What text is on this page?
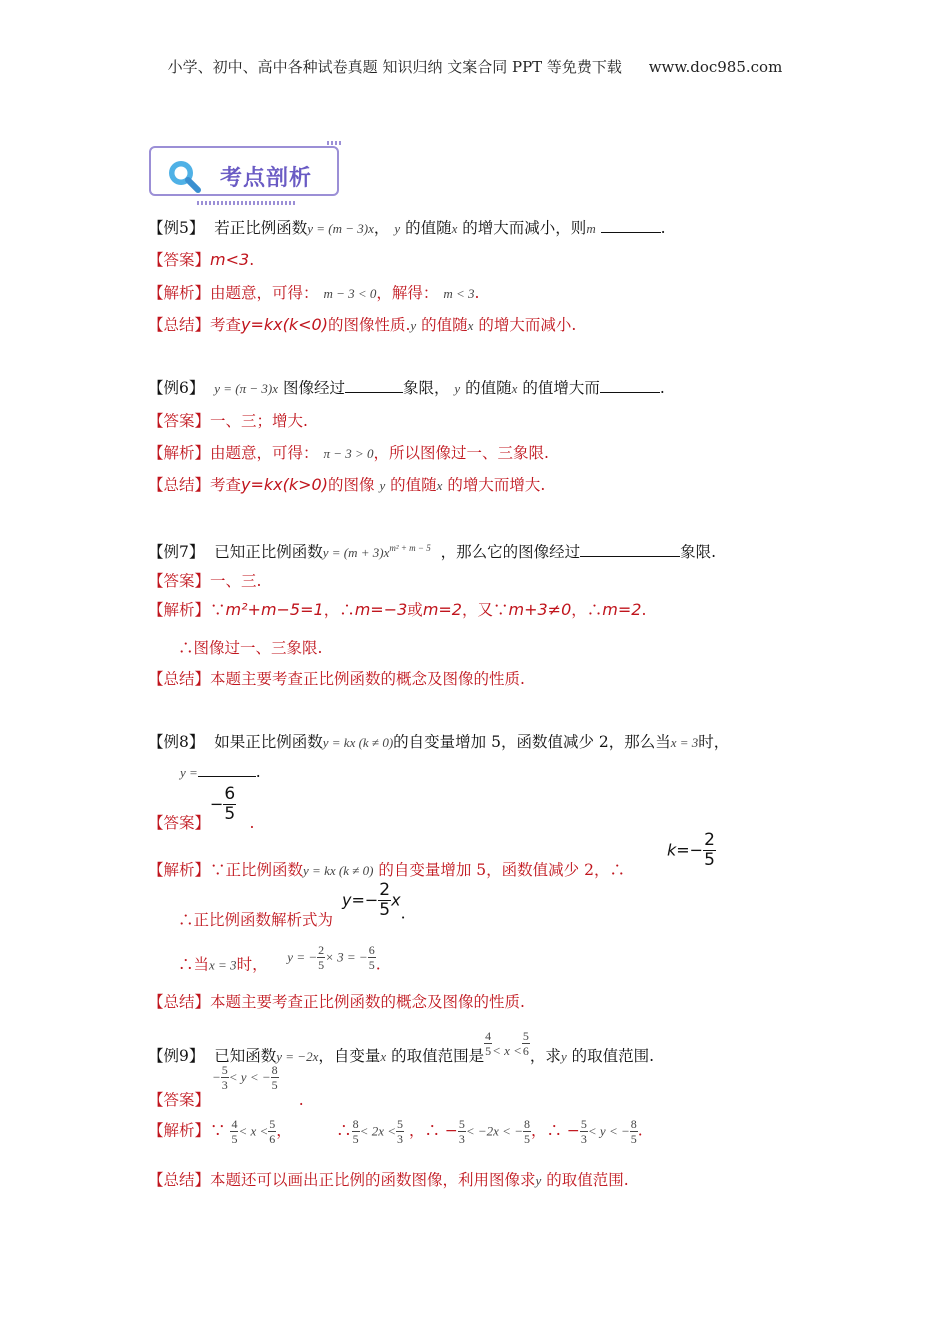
小学、初中、高中各种试卷真题 知识归纳 文案合同 PPT 等免费下载 www.doc985.com
考点剖析
【例5】 若正比例函数y = (m − 3)x， y 的值随x 的增大而减小，则m	.
【答案】m<3.
【解析】由题意，可得： m − 3 < 0，解得： m < 3.
【总结】考查y=kx(k<0)的图像性质.y 的值随x 的增大而减小.
【例6】 y = (π − 3)x 图像经过	象限， y 的值随x 的值增大而	.
【答案】一、三；增大.
【解析】由题意，可得： π − 3 > 0，所以图像过一、三象限.
【总结】考查y=kx(k>0)的图像 y 的值随x 的增大而增大.
【例7】 已知正比例函数$y = (m + 3)x^{m^2 + m - 5}$ ，那么它的图像经过	象限.
【答案】一、三.
【解析】∵m²+m−5=1，∴m=−3或m=2，又∵m+3≠0，∴m=2.
∴图像过一、三象限.
【总结】本题主要考查正比例函数的概念及图像的性质.
【例8】 如果正比例函数y = kx (k ≠ 0)的自变量增加 5，函数值减少 2，那么当x = 3时，
y =	.
− $\frac{6}{5}$
【答案】	.
【解析】∵正比例函数y = kx (k ≠ 0) 的自变量增加 5，函数值减少 2，∴
$k=- \frac{2}{5}$
∴正比例函数解析式为
$y=- \frac{2}{5} x$.
∴当$_{x = 3}$时， y = − $\frac{2}{5} \times 3$ = − $\frac{6}{5}$ .
【总结】本题主要考查正比例函数的概念及图像的性质.
【例9】 已知函数y = −2x，自变量x 的取值范围是 $\frac{4}{5} ^{< x <} \frac{5}{6}$ ，求y 的取值范围.
− $\frac{5}{3} < y$ < − $\frac{8}{5}$
【答案】	.
【解析】∵ $\frac{4}{5} < x < \frac{5}{6}$ ，	∴ $\frac{8}{5} < 2x < \frac{5}{3}$ ，∴ − $\frac{5}{3} < -2x$ < − $\frac{8}{5}$ ，∴ − $\frac{5}{3} < y$ < − $\frac{8}{5}$ .
【总结】本题还可以画出正比例的函数图像，利用图像求y 的取值范围.
